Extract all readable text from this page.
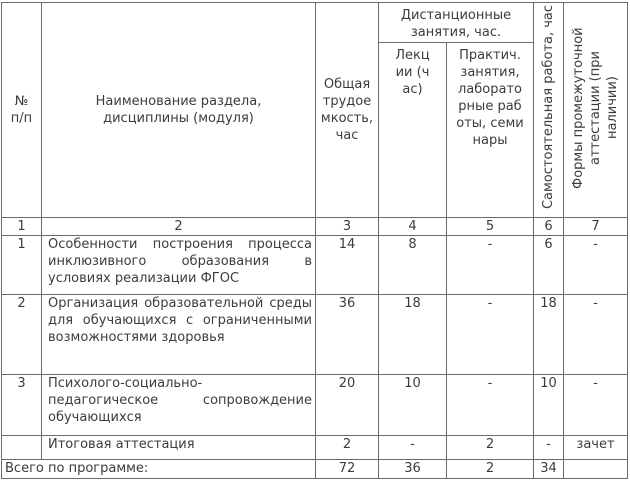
№ п/п	Наименование раздела, дисциплины (модуля)	Общая трудоемкость, час	Дистанционные занятия, час.		Самостоятельная работа, час	Формы промежуточной аттестации (при наличии)

			Лекции (час)	Практич. занятия, лабораторные работы, семинары		

1	2	3	4	5	6	7
1	Особенности построения процесса инклюзивного образования в условиях реализации ФГОС	14	8	-	6	-
2	Организация образовательной среды для обучающихся с ограниченными возможностями здоровья	36	18	-	18	-
3	Психолого-социально-педагогическое сопровождение обучающихся	20	10	-	10	-
	Итоговая аттестация	2	-	2	-	зачет
Всего по программе:		72	36	2	34	
